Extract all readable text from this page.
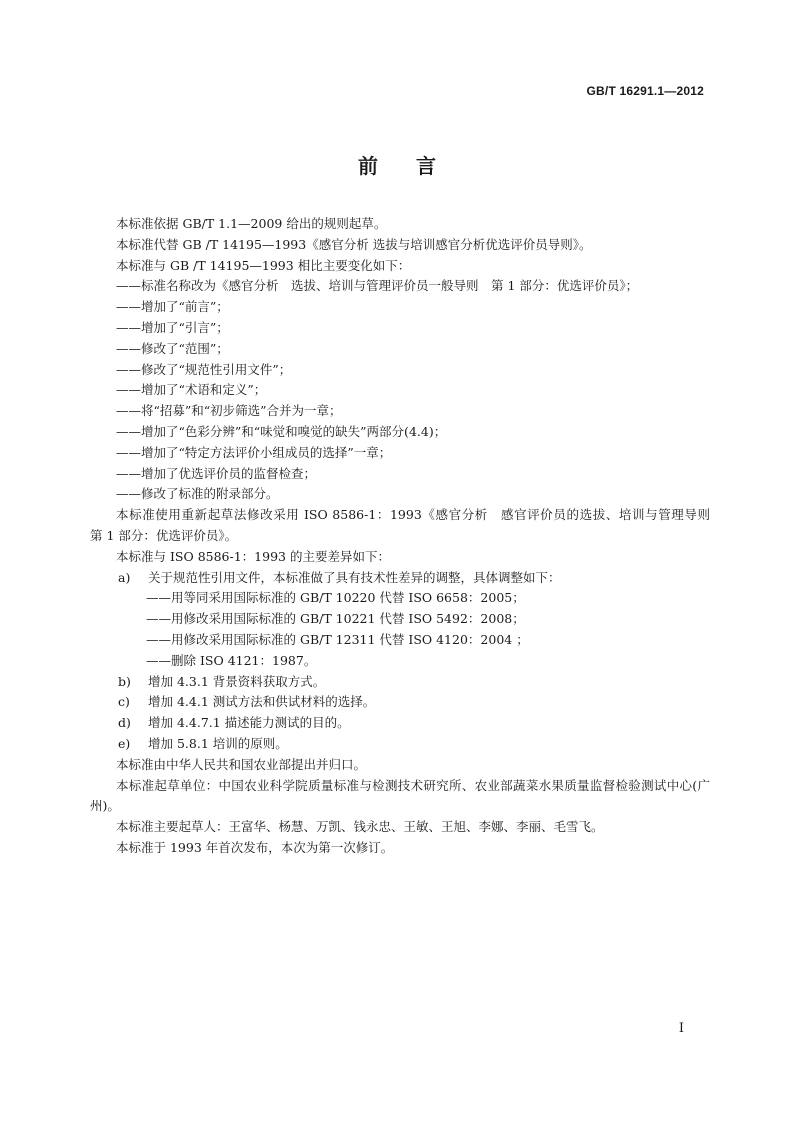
GB/T 16291.1—2012
前言

本标准依据 GB/T 1.1—2009 给出的规则起草。

本标准代替 GB /T 14195—1993《感官分析 选拔与培训感官分析优选评价员导则》。

本标准与 GB /T 14195—1993 相比主要变化如下：

——标准名称改为《感官分析　选拔、培训与管理评价员一般导则　第 1 部分：优选评价员》；

——增加了“前言”；

——增加了“引言”；

——修改了“范围”；

——修改了“规范性引用文件”；

——增加了“术语和定义”；

——将“招募”和“初步筛选”合并为一章；

——增加了“色彩分辨”和“味觉和嗅觉的缺失”两部分(4.4)；

——增加了“特定方法评价小组成员的选择”一章；

——增加了优选评价员的监督检查；

——修改了标准的附录部分。

本标准使用重新起草法修改采用 ISO 8586-1：1993《感官分析　感官评价员的选拔、培训与管理导则　第 1 部分：优选评价员》。

本标准与 ISO 8586-1：1993 的主要差异如下：

a) 关于规范性引用文件，本标准做了具有技术性差异的调整，具体调整如下：

——用等同采用国际标准的 GB/T 10220 代替 ISO 6658：2005；

——用修改采用国际标准的 GB/T 10221 代替 ISO 5492：2008；

——用修改采用国际标准的 GB/T 12311 代替 ISO 4120：2004 ；

——删除 ISO 4121：1987。

b) 增加 4.3.1 背景资料获取方式。

c) 增加 4.4.1 测试方法和供试材料的选择。

d) 增加 4.4.7.1 描述能力测试的目的。

e) 增加 5.8.1 培训的原则。

本标准由中华人民共和国农业部提出并归口。

本标准起草单位：中国农业科学院质量标准与检测技术研究所、农业部蔬菜水果质量监督检验测试中心(广州)。

本标准主要起草人：王富华、杨慧、万凯、钱永忠、王敏、王旭、李娜、李丽、毛雪飞。

本标准于 1993 年首次发布，本次为第一次修订。

I
